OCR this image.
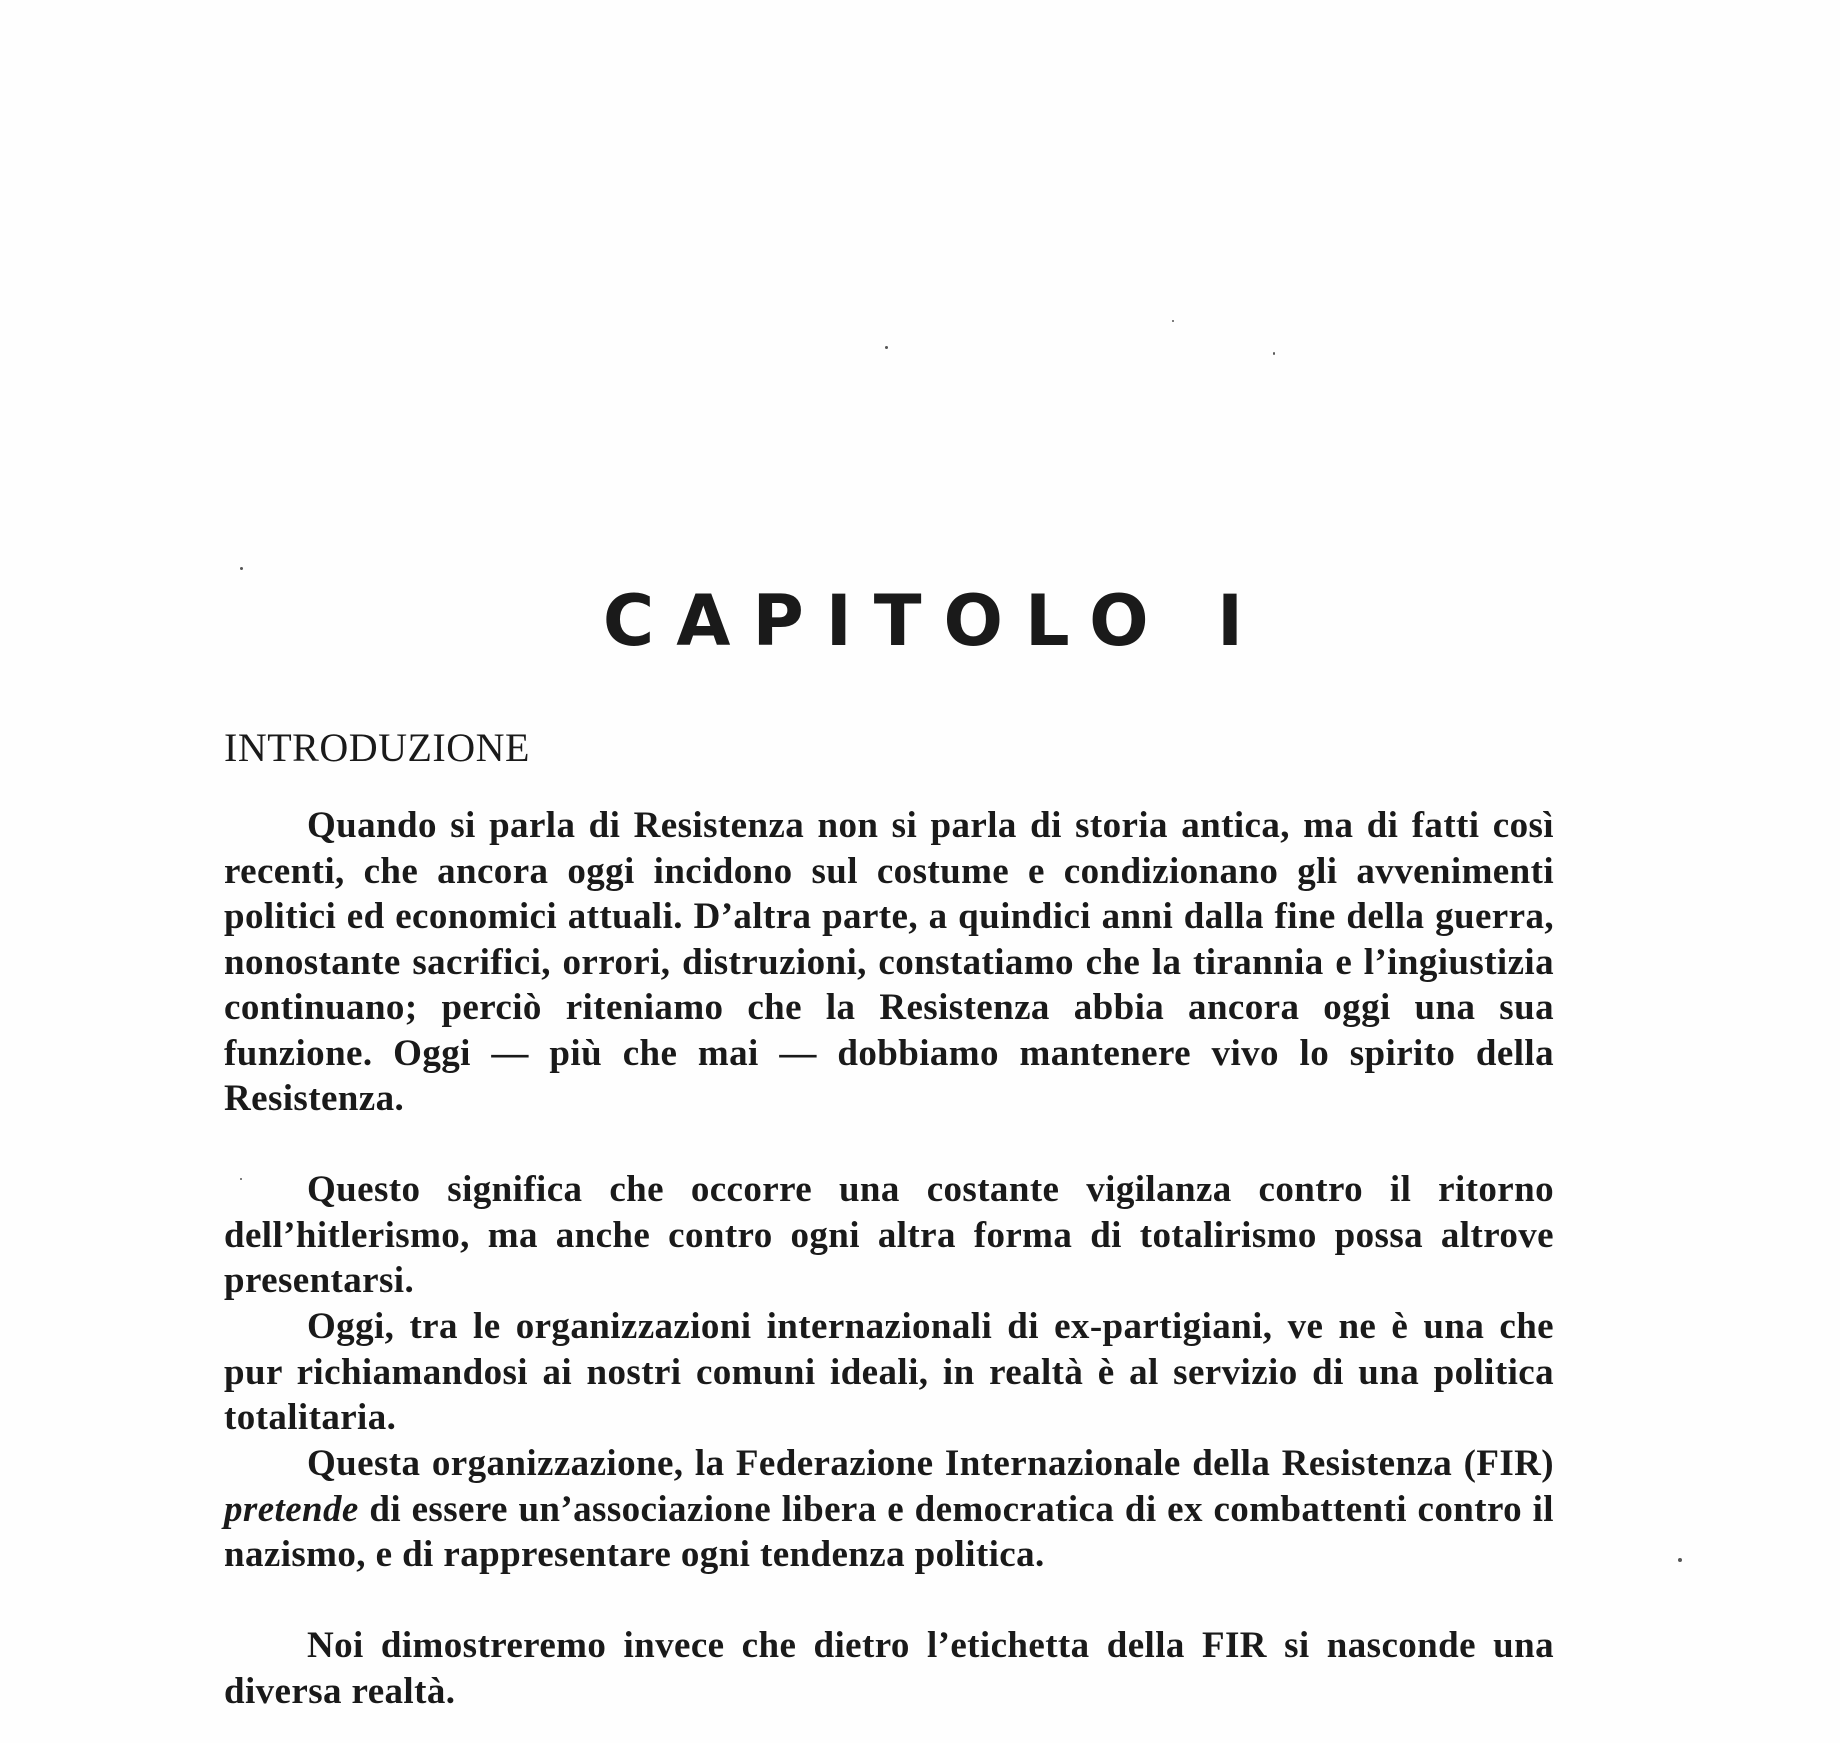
CAPITOLO I
INTRODUZIONE

Quando si parla di Resistenza non si parla di storia antica, ma di fatti così recenti, che ancora oggi incidono sul costume e condizionano gli avvenimenti politici ed economici attuali. D’altra parte, a quindici anni dalla fine della guerra, nonostante sacrifici, orrori, distruzioni, constatiamo che la tirannia e l’ingiustizia continuano; perciò riteniamo che la Resistenza abbia ancora oggi una sua funzione. Oggi — più che mai — dobbiamo mantenere vivo lo spirito della Resistenza.

Questo significa che occorre una costante vigilanza contro il ritorno dell’hitlerismo, ma anche contro ogni altra forma di totalirismo possa altrove presentarsi.

Oggi, tra le organizzazioni internazionali di ex-partigiani, ve ne è una che pur richiamandosi ai nostri comuni ideali, in realtà è al servizio di una politica totalitaria.

Questa organizzazione, la Federazione Internazionale della Resistenza (FIR) pretende di essere un’associazione libera e democratica di ex combattenti contro il nazismo, e di rappresentare ogni tendenza politica.

Noi dimostreremo invece che dietro l’etichetta della FIR si nasconde una diversa realtà.
